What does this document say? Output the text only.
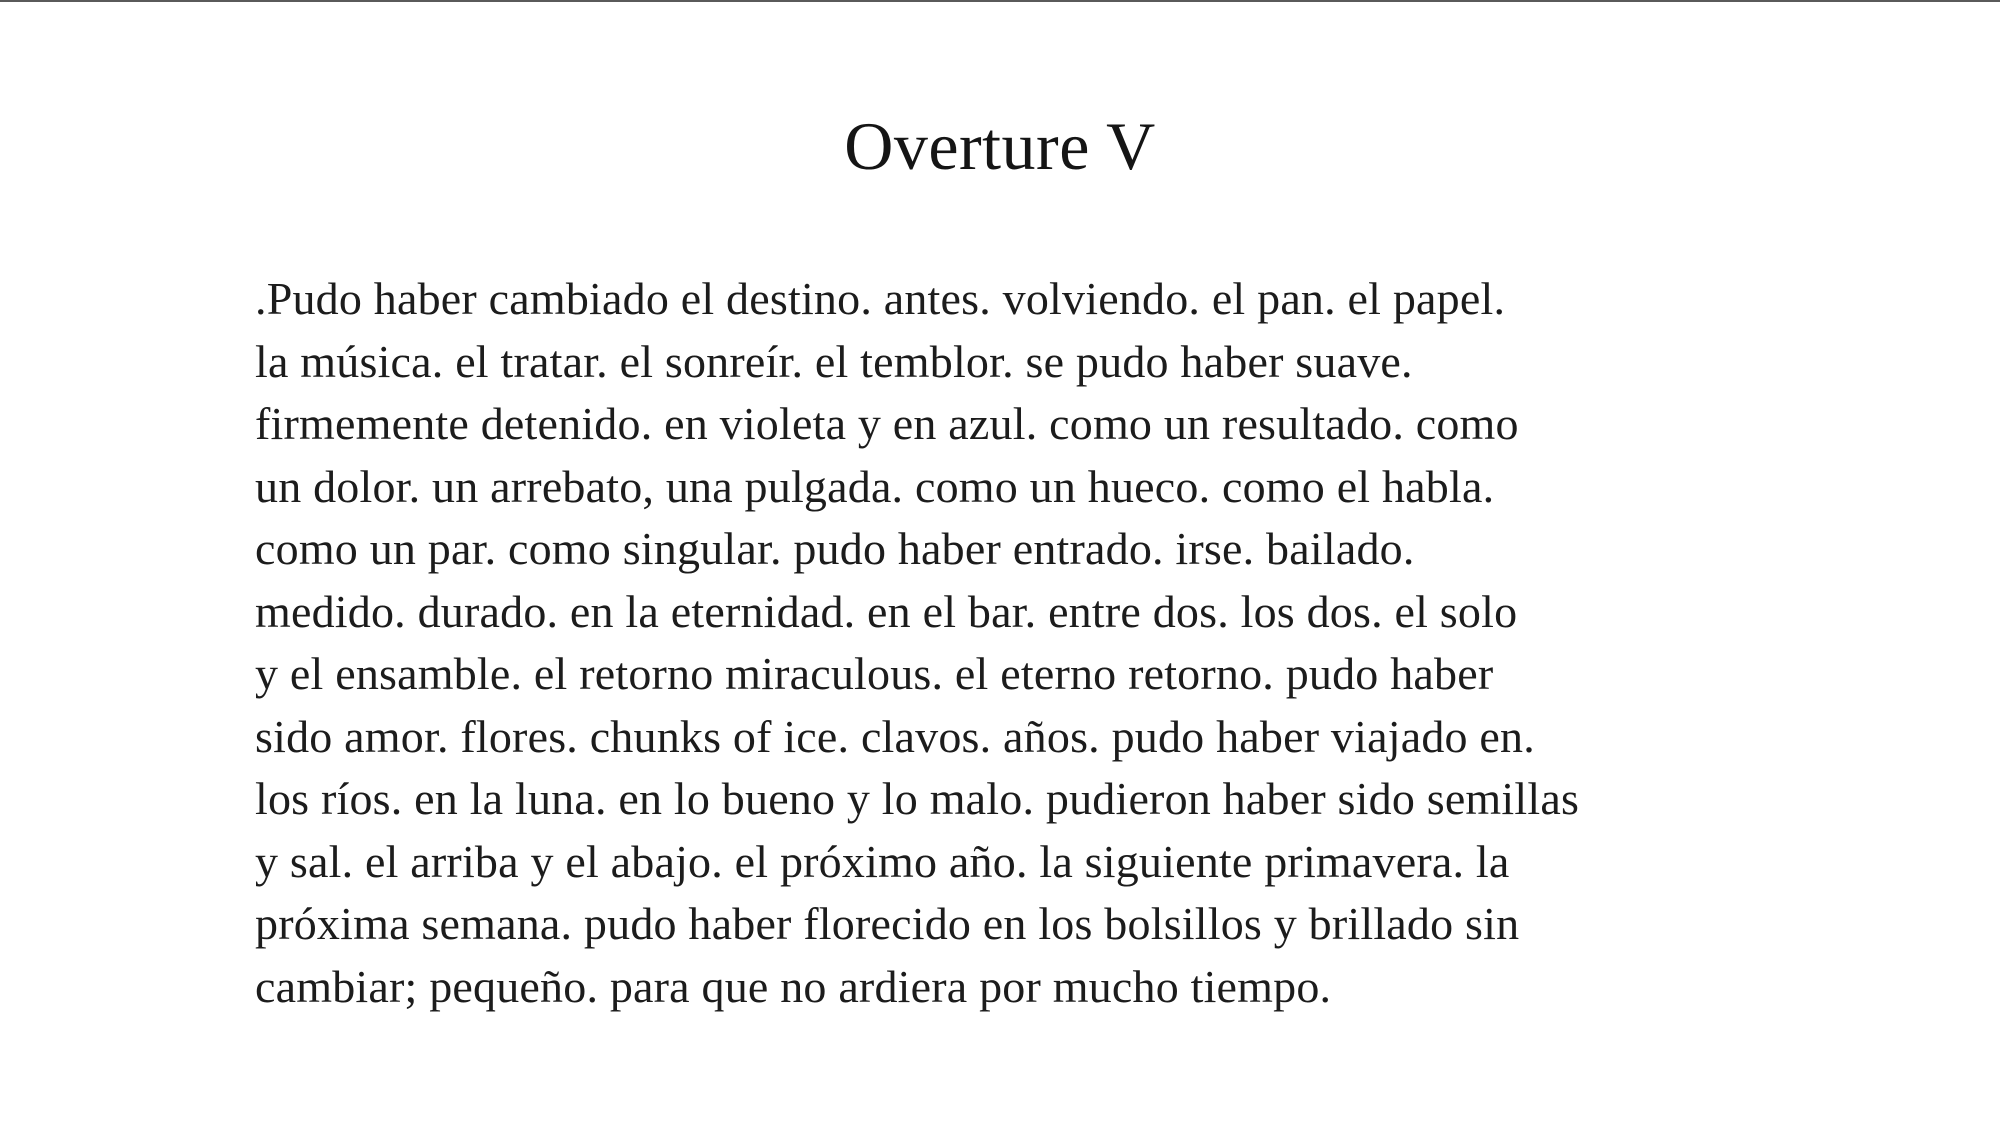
Overture V
.Pudo haber cambiado el destino. antes. volviendo. el pan. el papel.
la música. el tratar. el sonreír. el temblor. se pudo haber suave.
firmemente detenido. en violeta y en azul. como un resultado. como
un dolor. un arrebato, una pulgada. como un hueco. como el habla.
como un par. como singular. pudo haber entrado. irse. bailado.
medido. durado. en la eternidad. en el bar. entre dos. los dos. el solo
y el ensamble. el retorno miraculous. el eterno retorno. pudo haber
sido amor. flores. chunks of ice. clavos. años. pudo haber viajado en.
los ríos. en la luna. en lo bueno y lo malo. pudieron haber sido semillas
y sal. el arriba y el abajo. el próximo año. la siguiente primavera. la
próxima semana. pudo haber florecido en los bolsillos y brillado sin
cambiar; pequeño. para que no ardiera por mucho tiempo.
